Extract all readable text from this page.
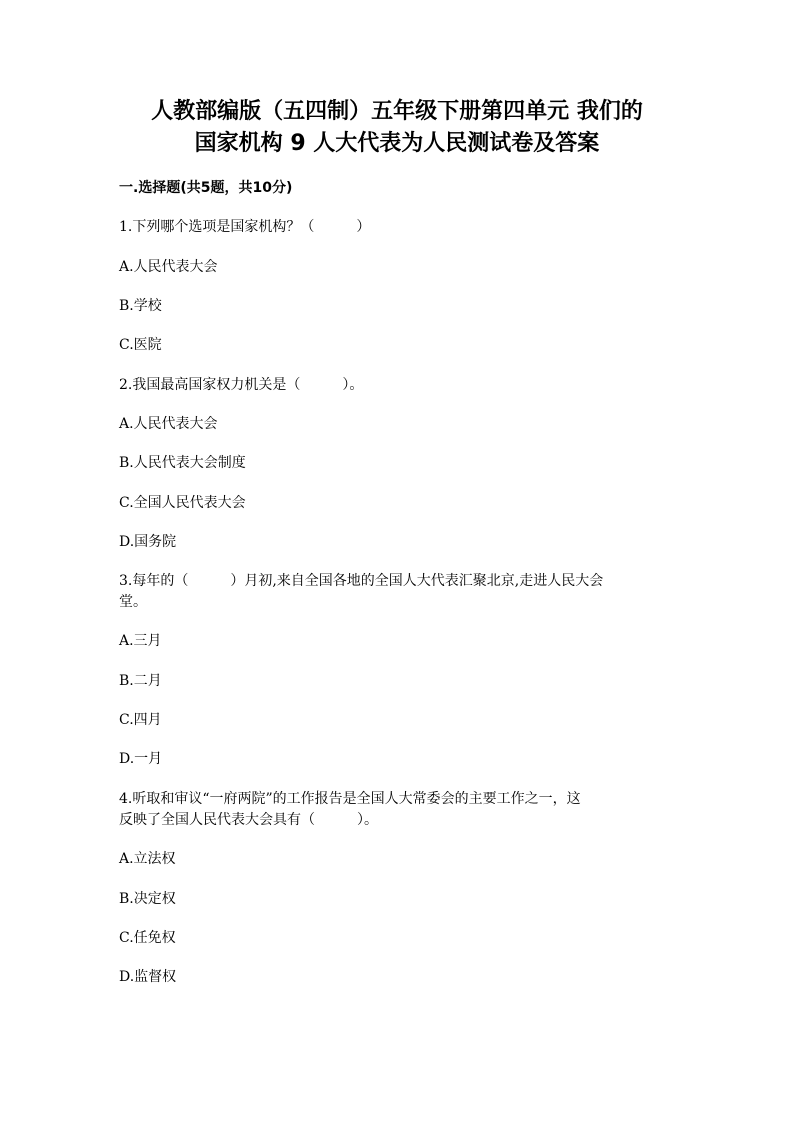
人教部编版（五四制）五年级下册第四单元 我们的
国家机构 9 人大代表为人民测试卷及答案
一.选择题(共5题，共10分)
1.下列哪个选项是国家机构？（　　　）
A.人民代表大会
B.学校
C.医院
2.我国最高国家权力机关是（　　　）。
A.人民代表大会
B.人民代表大会制度
C.全国人民代表大会
D.国务院
3.每年的（　　　）月初,来自全国各地的全国人大代表汇聚北京,走进人民大会
堂。
A.三月
B.二月
C.四月
D.一月
4.听取和审议“一府两院”的工作报告是全国人大常委会的主要工作之一，这
反映了全国人民代表大会具有（　　　）。
A.立法权
B.决定权
C.任免权
D.监督权
